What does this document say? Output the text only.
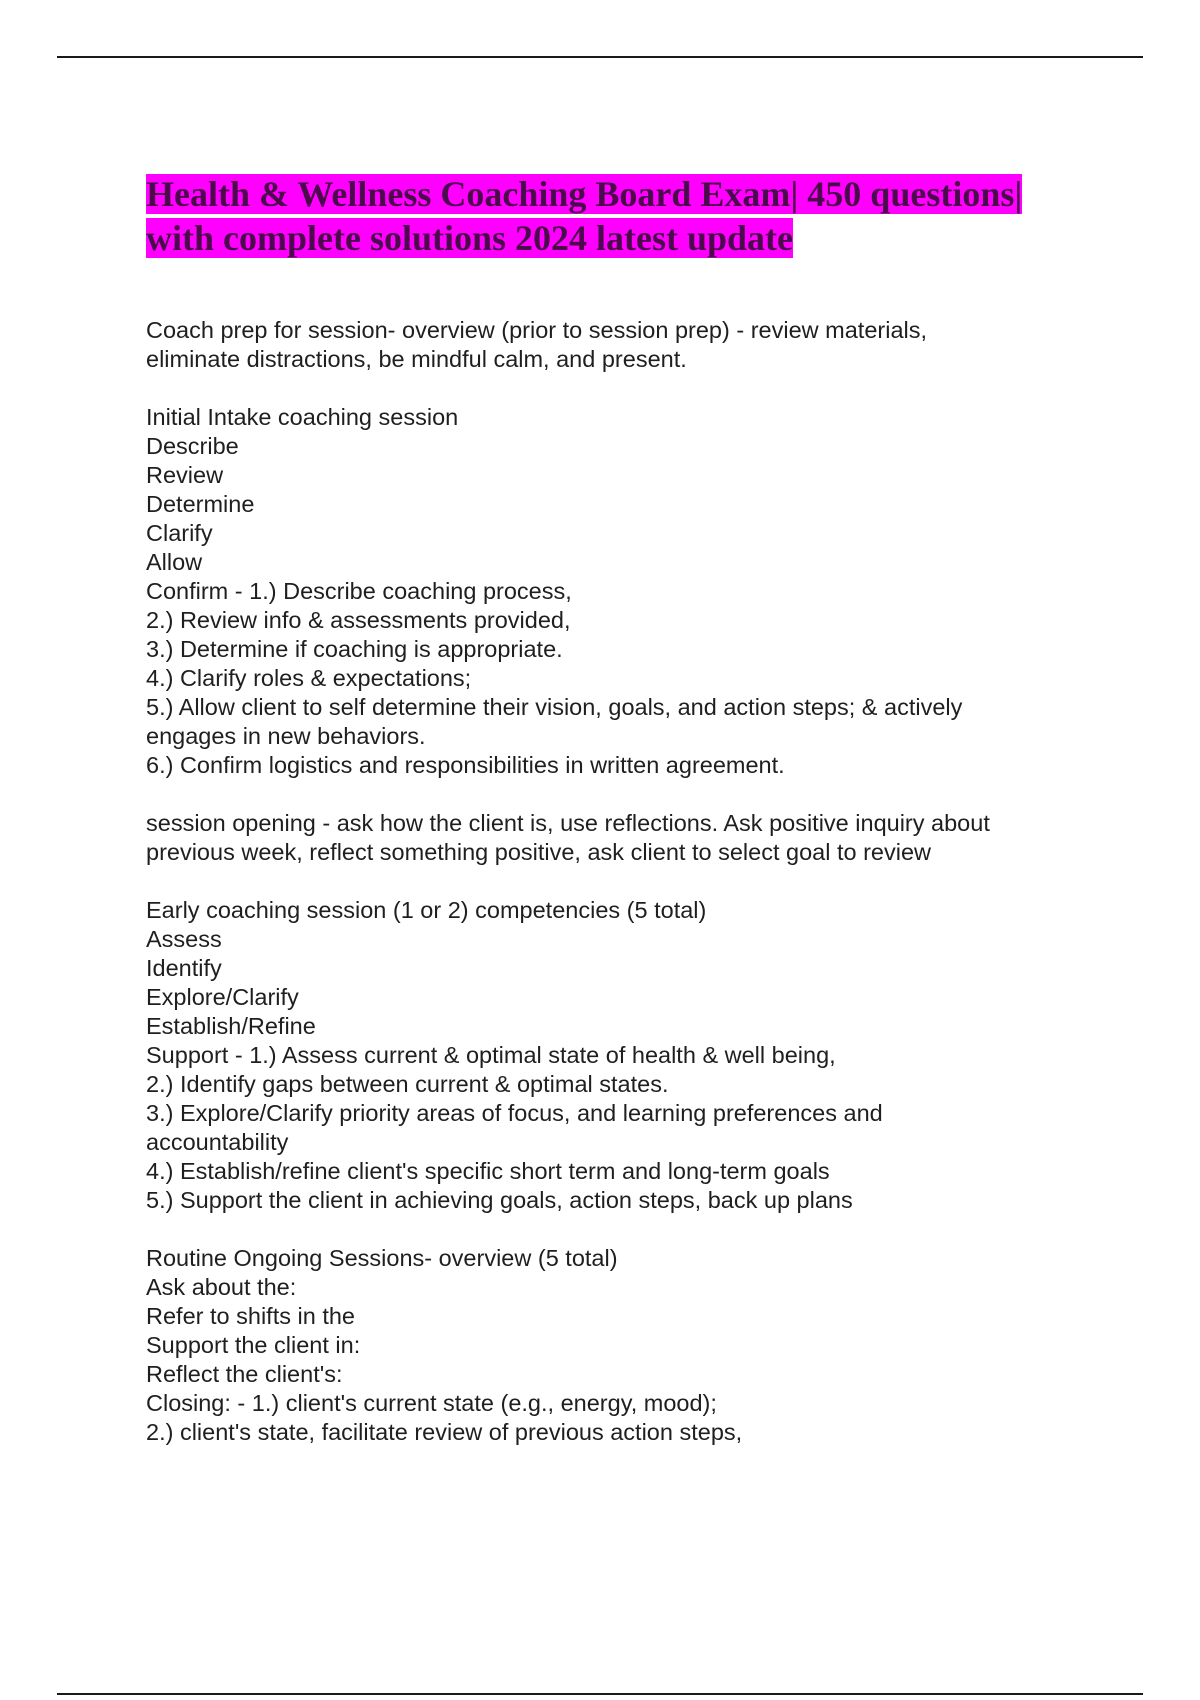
Health & Wellness Coaching Board Exam| 450 questions|
with complete solutions 2024 latest update
Coach prep for session- overview (prior to session prep) - review materials,
eliminate distractions, be mindful calm, and present.
Initial Intake coaching session
Describe
Review
Determine
Clarify
Allow
Confirm - 1.) Describe coaching process,
2.) Review info & assessments provided,
3.) Determine if coaching is appropriate.
4.) Clarify roles & expectations;
5.) Allow client to self determine their vision, goals, and action steps; & actively
engages in new behaviors.
6.) Confirm logistics and responsibilities in written agreement.
session opening - ask how the client is, use reflections. Ask positive inquiry about
previous week, reflect something positive, ask client to select goal to review
Early coaching session (1 or 2) competencies (5 total)
Assess
Identify
Explore/Clarify
Establish/Refine
Support - 1.) Assess current & optimal state of health & well being,
2.) Identify gaps between current & optimal states.
3.) Explore/Clarify priority areas of focus, and learning preferences and
accountability
4.) Establish/refine client's specific short term and long-term goals
5.) Support the client in achieving goals, action steps, back up plans
Routine Ongoing Sessions- overview (5 total)
Ask about the:
Refer to shifts in the
Support the client in:
Reflect the client's:
Closing: - 1.) client's current state (e.g., energy, mood);
2.) client's state, facilitate review of previous action steps,
